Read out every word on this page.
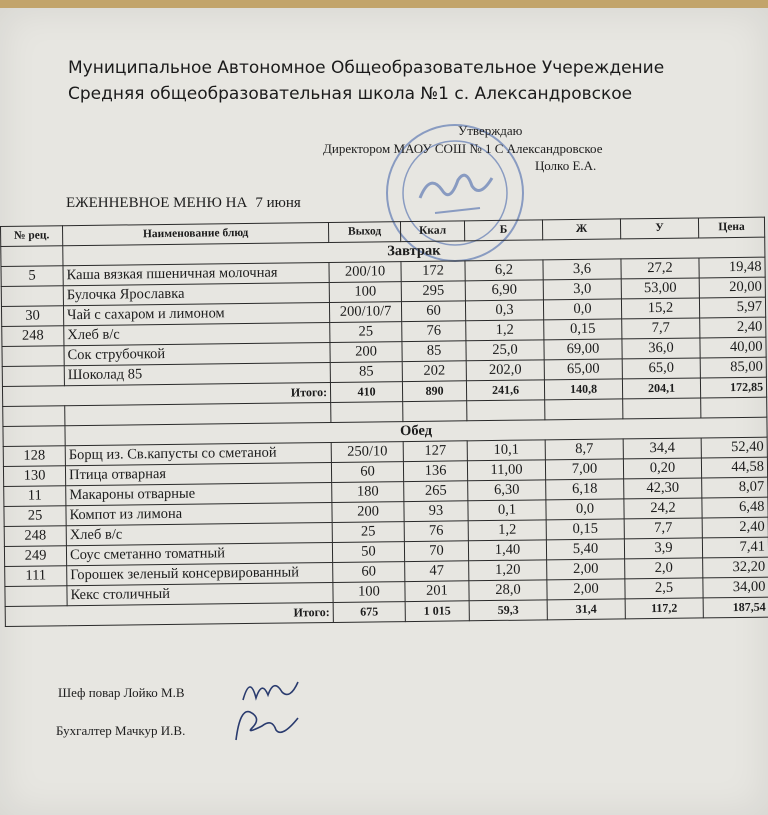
Муниципальное Автономное Общеобразовательное Учереждение
Средняя общеобразовательная школа №1 с. Александровское
Утверждаю
Директором МАОУ СОШ № 1 С Александровское
Цолко Е.А.
ЕЖЕННЕВНОЕ МЕНЮ НА 7 июня
№ рец.	Наименование блюд	Выход	Ккал	Б	Ж	У	Цена
	Завтрак						
5	Каша вязкая пшеничная молочная	200/10	172	6,2	3,6	27,2	19,48
	Булочка Ярославка	100	295	6,90	3,0	53,00	20,00
30	Чай с сахаром и лимоном	200/10/7	60	0,3	0,0	15,2	5,97
248	Хлеб в/с	25	76	1,2	0,15	7,7	2,40
	Сок струбочкой	200	85	25,0	69,00	36,0	40,00
	Шоколад 85	85	202	202,0	65,00	65,0	85,00
Итого:		410	890	241,6	140,8	204,1	172,85

	Обед						
128	Борщ из. Св.капусты со сметаной	250/10	127	10,1	8,7	34,4	52,40
130	Птица отварная	60	136	11,00	7,00	0,20	44,58
11	Макароны отварные	180	265	6,30	6,18	42,30	8,07
25	Компот из лимона	200	93	0,1	0,0	24,2	6,48
248	Хлеб в/с	25	76	1,2	0,15	7,7	2,40
249	Соус сметанно томатный	50	70	1,40	5,40	3,9	7,41
111	Горошек зеленый консервированный	60	47	1,20	2,00	2,0	32,20
	Кекс столичный	100	201	28,0	2,00	2,5	34,00
Итого:		675	1 015	59,3	31,4	117,2	187,54
Шеф повар Лойко М.В
Бухгалтер Мачкур И.В.
